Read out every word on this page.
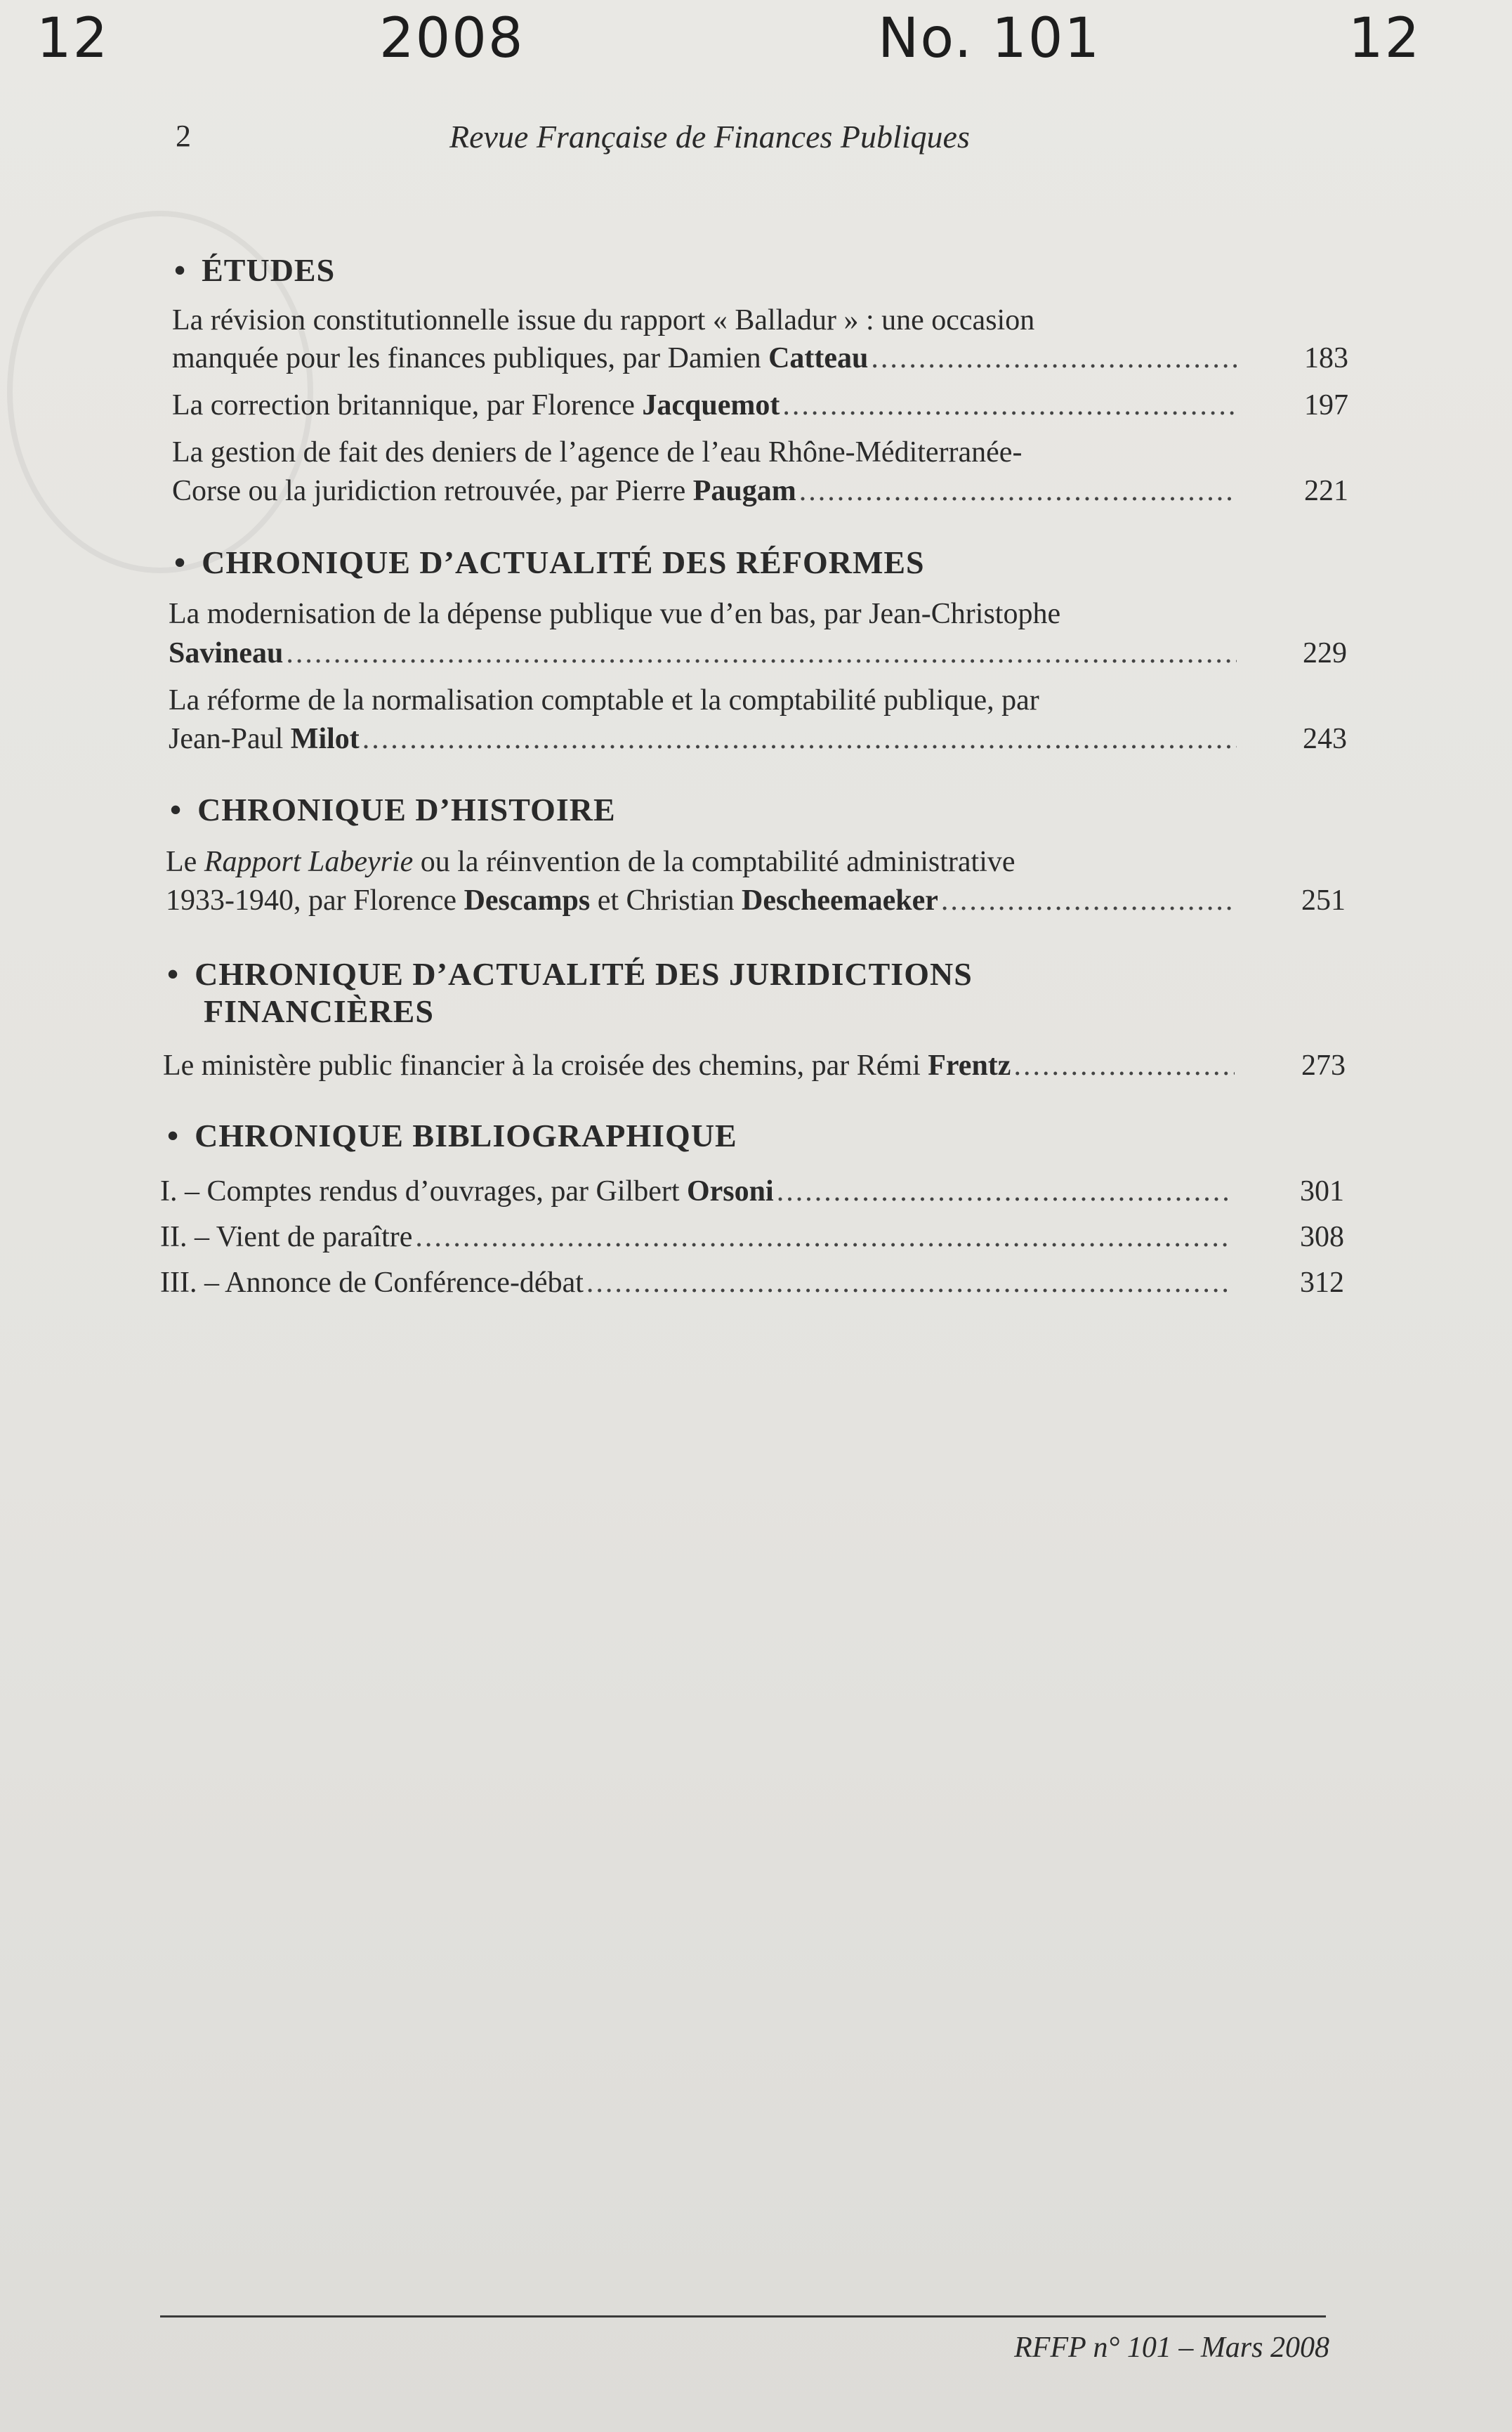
12	2008	No. 101	12
2	Revue Française de Finances Publiques
• ÉTUDES
La révision constitutionnelle issue du rapport « Balladur » : une occasion
manquée pour les finances publiques, par Damien Catteau .....	183
La correction britannique, par Florence Jacquemot .....	197
La gestion de fait des deniers de l’agence de l’eau Rhône-Méditerranée-
Corse ou la juridiction retrouvée, par Pierre Paugam .....	221
• CHRONIQUE D’ACTUALITÉ DES RÉFORMES
La modernisation de la dépense publique vue d’en bas, par Jean-Christophe
Savineau .....	229
La réforme de la normalisation comptable et la comptabilité publique, par
Jean-Paul Milot .....	243
• CHRONIQUE D’HISTOIRE
Le Rapport Labeyrie ou la réinvention de la comptabilité administrative
1933-1940, par Florence Descamps et Christian Descheemaeker .....	251
• CHRONIQUE D’ACTUALITÉ DES JURIDICTIONS
FINANCIÈRES
Le ministère public financier à la croisée des chemins, par Rémi Frentz .....	273
• CHRONIQUE BIBLIOGRAPHIQUE
I. – Comptes rendus d’ouvrages, par Gilbert Orsoni .....	301
II. – Vient de paraître .....	308
III. – Annonce de Conférence-débat .....	312
RFFP n° 101 – Mars 2008
